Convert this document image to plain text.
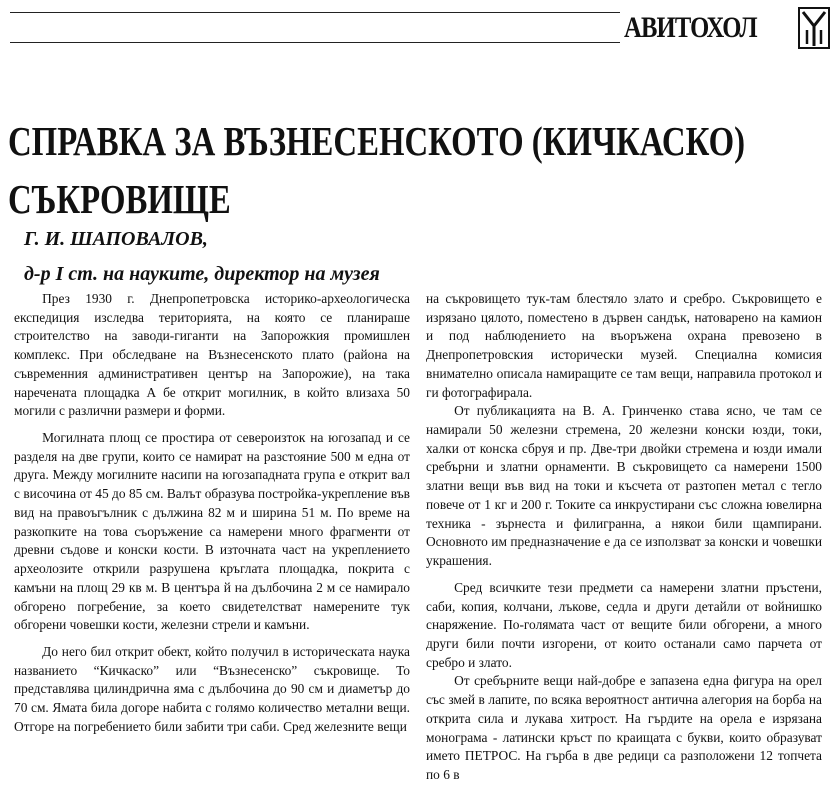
АВИТОХОЛ
СПРАВКА ЗА ВЪЗНЕСЕНСКОТО (КИЧКАСКО)
СЪКРОВИЩЕ
Г. И. ШАПОВАЛОВ,
д-р I ст. на науките, директор на музея

През 1930 г. Днепропетровска историко-археологическа експедиция изследва територията, на която се планираше строителство на заводи-гиганти на Запорожкия промишлен комплекс. При обследване на Възнесенското плато (района на съвременния административен център на Запорожие), на така наречената площадка А бе открит могилник, в който влизаха 50 могили с различни размери и форми.

Могилната площ се простира от североизток на югозапад и се разделя на две групи, които се намират на разстояние 500 м една от друга. Между могилните насипи на югозападната група е открит вал с височина от 45 до 85 см. Валът образува постройка-укрепление във вид на правоъгълник с дължина 82 м и ширина 51 м. По време на разкопките на това съоръжение са намерени много фрагменти от древни съдове и конски кости. В източната част на укреплението археолозите открили разрушена кръглата площадка, покрита с камъни на площ 29 кв м. В центъра й на дълбочина 2 м се намирало обгорено погребение, за което свидетелстват намерените тук обгорени човешки кости, железни стрели и камъни.

До него бил открит обект, който получил в историческата наука названието “Кичкаско” или “Възнесенско” съкровище. То представлява цилиндрична яма с дълбочина до 90 см и диаметър до 70 см. Ямата била догоре набита с голямо количество метални вещи. Отгоре на погребението били забити три саби. Сред железните вещи

на съкровището тук-там блестяло злато и сребро. Съкровището е изрязано цялото, поместено в дървен сандък, натоварено на камион и под наблюдението на въоръжена охрана превозено в Днепропетровския исторически музей. Специална комисия внимателно описала намиращите се там вещи, направила протокол и ги фотографирала.

От публикацията на В. А. Гринченко става ясно, че там се намирали 50 железни стремена, 20 железни конски юзди, токи, халки от конска сбруя и пр. Две-три двойки стремена и юзди имали сребърни и златни орнаменти. В съкровището са намерени 1500 златни вещи във вид на токи и късчета от разтопен метал с тегло повече от 1 кг и 200 г. Токите са инкрустирани със сложна ювелирна техника - зърнеста и филигранна, а някои били щампирани. Основното им предназначение е да се използват за конски и човешки украшения.

Сред всичките тези предмети са намерени златни пръстени, саби, копия, колчани, лъкове, седла и други детайли от войнишко снаряжение. По-голямата част от вещите били обгорени, а много други били почти изгорени, от които останали само парчета от сребро и злато.

От сребърните вещи най-добре е запазена една фигура на орел със змей в лапите, по всяка вероятност антична алегория на борба на открита сила и лукава хитрост. На гърдите на орела е изрязана монограма - латински кръст по краищата с букви, които образуват името ПЕТРОС. На гърба в две редици са разположени 12 топчета по 6 в
